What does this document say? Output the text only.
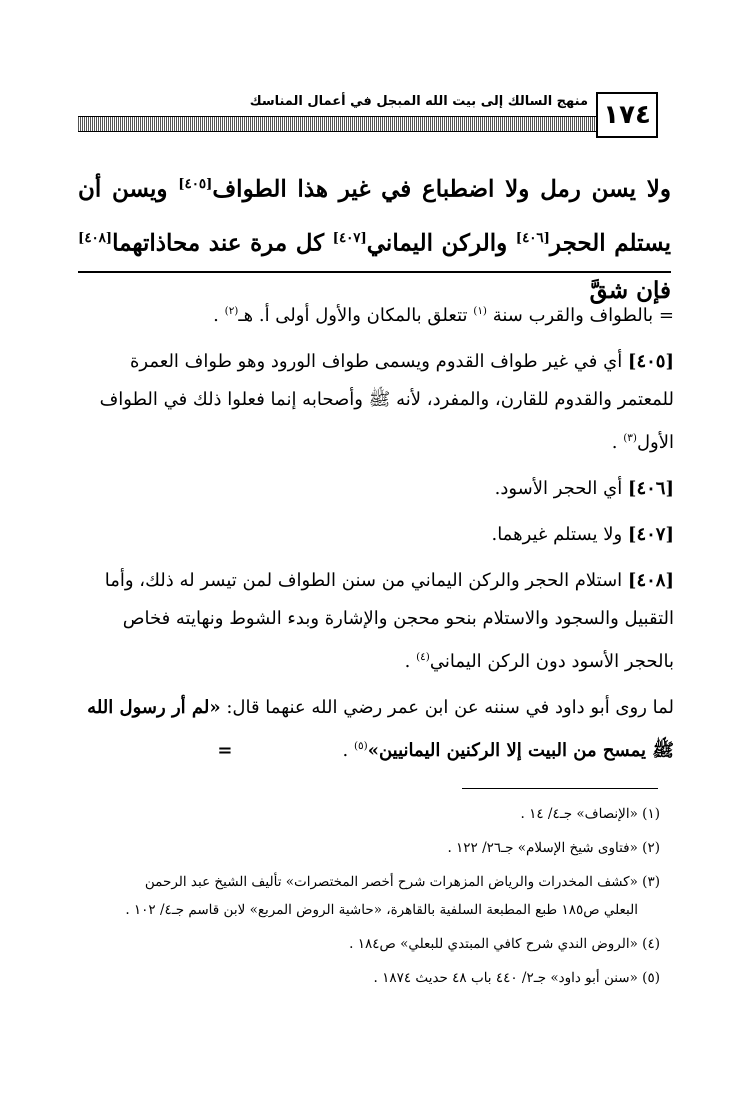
١٧٤
منهج السالك إلى بيت الله المبجل في أعمال المناسك
ولا يسن رمل ولا اضطباع في غير هذا الطواف[٤٠٥] ويسن أن يستلم الحجر[٤٠٦] والركن اليماني[٤٠٧] كل مرة عند محاذاتهما[٤٠٨] فإن شقَّ
= بالطواف والقرب سنة $^{(١)}$ تتعلق بالمكان والأول أولى أ. هـ$^{(٢)}$ .
[٤٠٥] أي في غير طواف القدوم ويسمى طواف الورود وهو طواف العمرة للمعتمر والقدوم للقارن، والمفرد، لأنه ﷺ وأصحابه إنما فعلوا ذلك في الطواف الأول$^{(٣)}$ .
[٤٠٦] أي الحجر الأسود.
[٤٠٧] ولا يستلم غيرهما.
[٤٠٨] استلام الحجر والركن اليماني من سنن الطواف لمن تيسر له ذلك، وأما التقبيل والسجود والاستلام بنحو محجن والإشارة وبدء الشوط ونهايته فخاص بالحجر الأسود دون الركن اليماني$^{(٤)}$ .
لما روى أبو داود في سننه عن ابن عمر رضي الله عنهما قال: «لم أر رسول الله ﷺ يمسح من البيت إلا الركنين اليمانيين»$^{(٥)}$ .=
(١) «الإنصاف» جـ٤/ ١٤ .
(٢) «فتاوى شيخ الإسلام» جـ٢٦/ ١٢٢ .
(٣) «كشف المخدرات والرياض المزهرات شرح أخصر المختصرات» تأليف الشيخ عبد الرحمن
البعلي ص١٨٥ طبع المطبعة السلفية بالقاهرة، «حاشية الروض المربع» لابن قاسم جـ٤/ ١٠٢ .
(٤) «الروض الندي شرح كافي المبتدي للبعلي» ص١٨٤ .
(٥) «سنن أبو داود» جـ٢/ ٤٤٠ باب ٤٨ حديث ١٨٧٤ .
